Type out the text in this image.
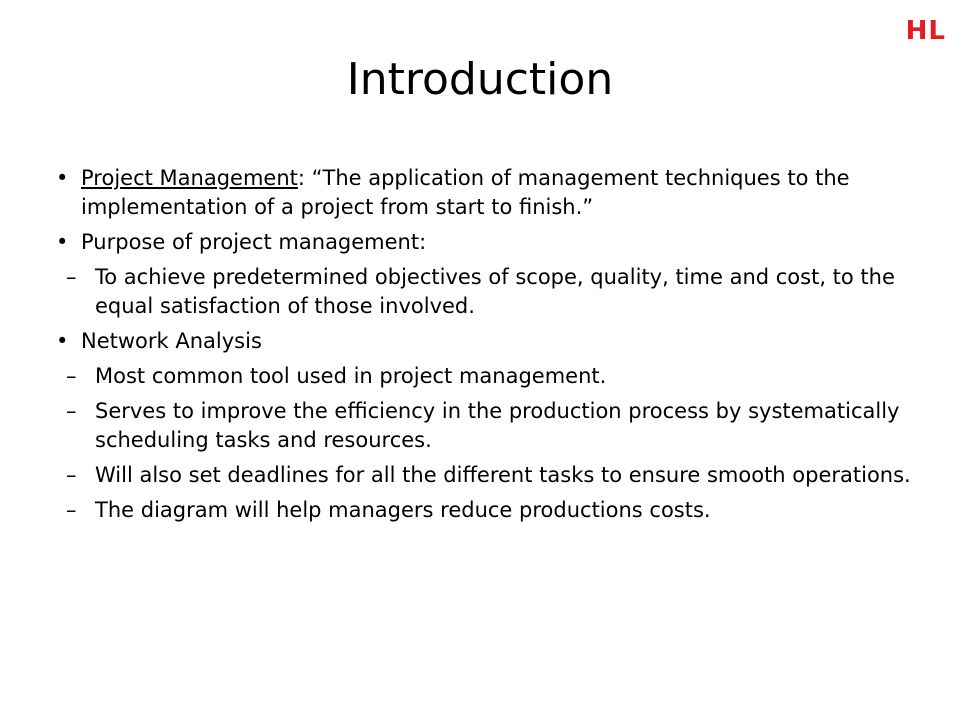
HL
Introduction
• Project Management: “The application of management techniques to the implementation of a project from start to finish.”
• Purpose of project management:
– To achieve predetermined objectives of scope, quality, time and cost, to the equal satisfaction of those involved.
• Network Analysis
– Most common tool used in project management.
– Serves to improve the efficiency in the production process by systematically scheduling tasks and resources.
– Will also set deadlines for all the different tasks to ensure smooth operations.
– The diagram will help managers reduce productions costs.
